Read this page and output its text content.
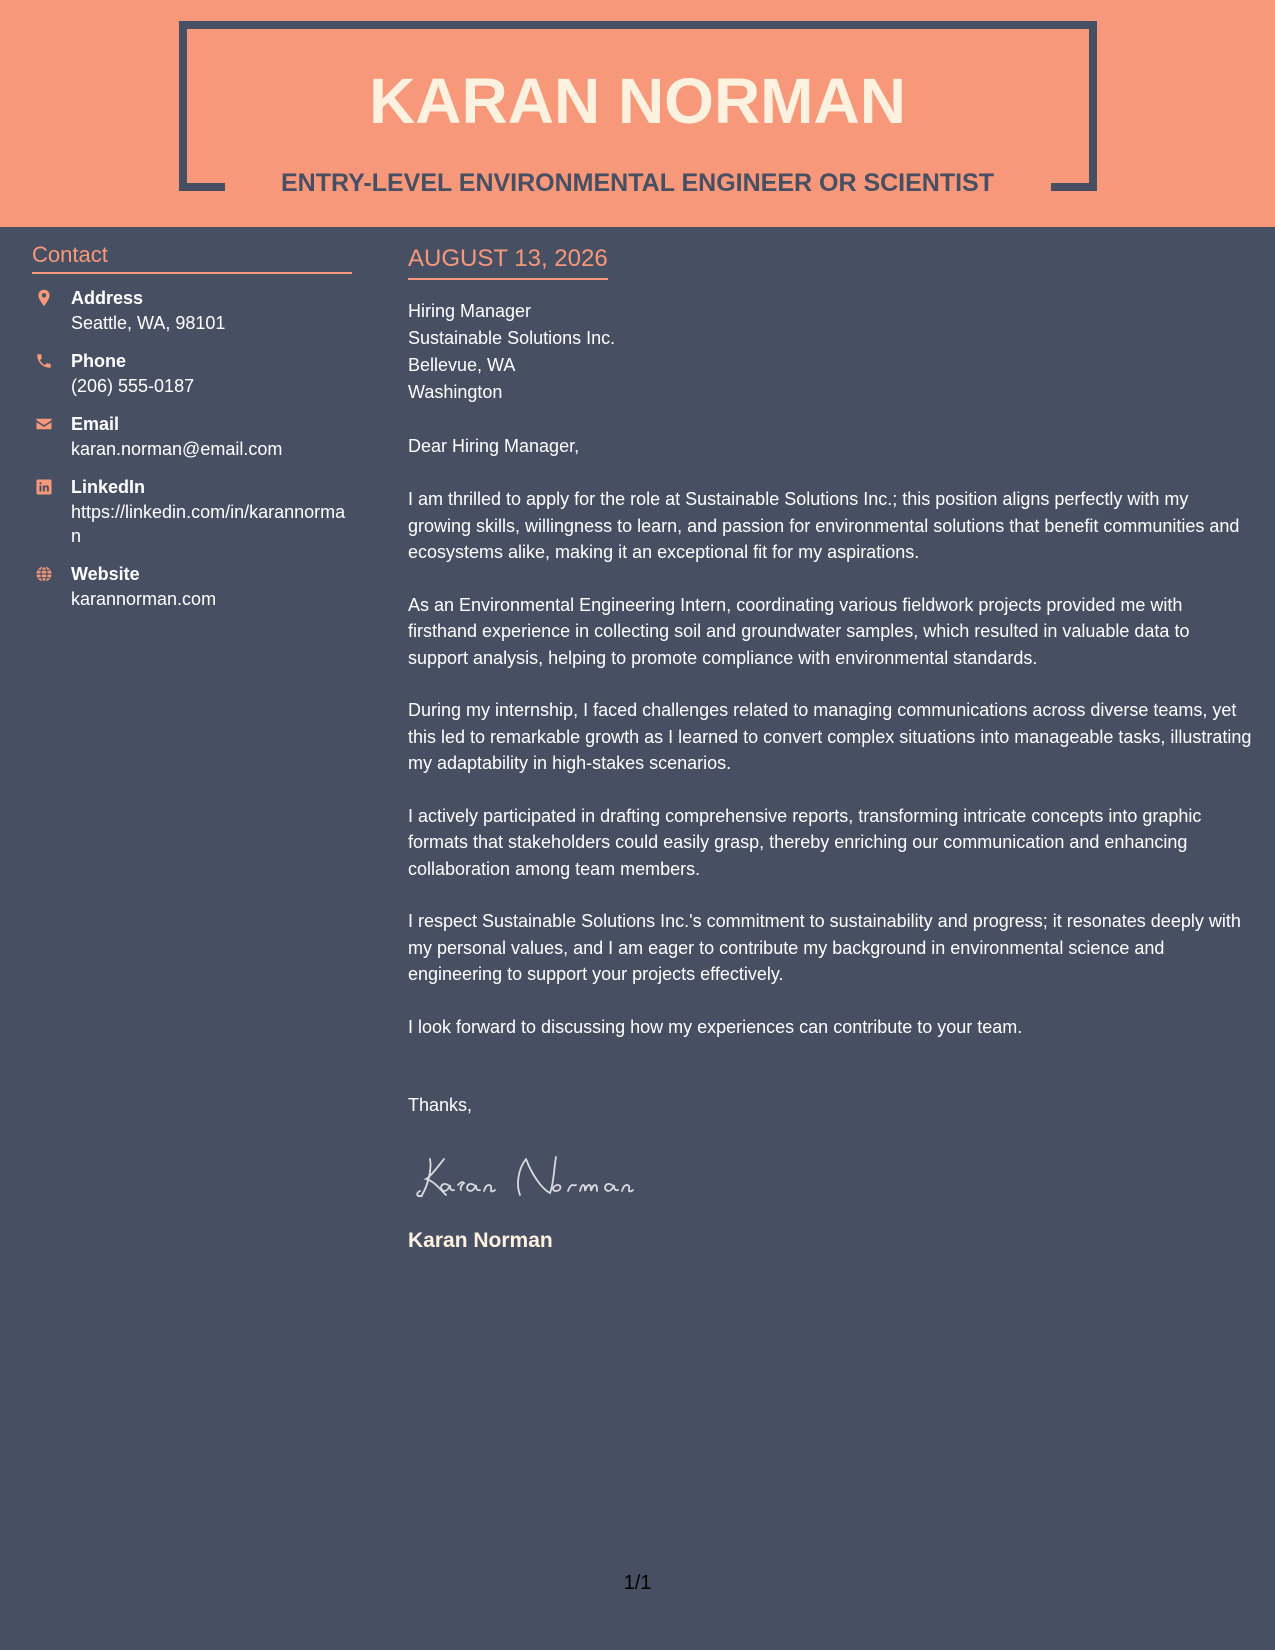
KARAN NORMAN
ENTRY-LEVEL ENVIRONMENTAL ENGINEER OR SCIENTIST
Contact
Address
Seattle, WA, 98101
Phone
(206) 555-0187
Email
karan.norman@email.com
LinkedIn
https://linkedin.com/in/karannorman
Website
karannorman.com
AUGUST 13, 2026
Hiring Manager
Sustainable Solutions Inc.
Bellevue, WA
Washington
Dear Hiring Manager,
I am thrilled to apply for the role at Sustainable Solutions Inc.; this position aligns perfectly with my growing skills, willingness to learn, and passion for environmental solutions that benefit communities and ecosystems alike, making it an exceptional fit for my aspirations.
As an Environmental Engineering Intern, coordinating various fieldwork projects provided me with firsthand experience in collecting soil and groundwater samples, which resulted in valuable data to support analysis, helping to promote compliance with environmental standards.
During my internship, I faced challenges related to managing communications across diverse teams, yet this led to remarkable growth as I learned to convert complex situations into manageable tasks, illustrating my adaptability in high-stakes scenarios.
I actively participated in drafting comprehensive reports, transforming intricate concepts into graphic formats that stakeholders could easily grasp, thereby enriching our communication and enhancing collaboration among team members.
I respect Sustainable Solutions Inc.'s commitment to sustainability and progress; it resonates deeply with my personal values, and I am eager to contribute my background in environmental science and engineering to support your projects effectively.
I look forward to discussing how my experiences can contribute to your team.
Thanks,
Karan Norman
1/1
